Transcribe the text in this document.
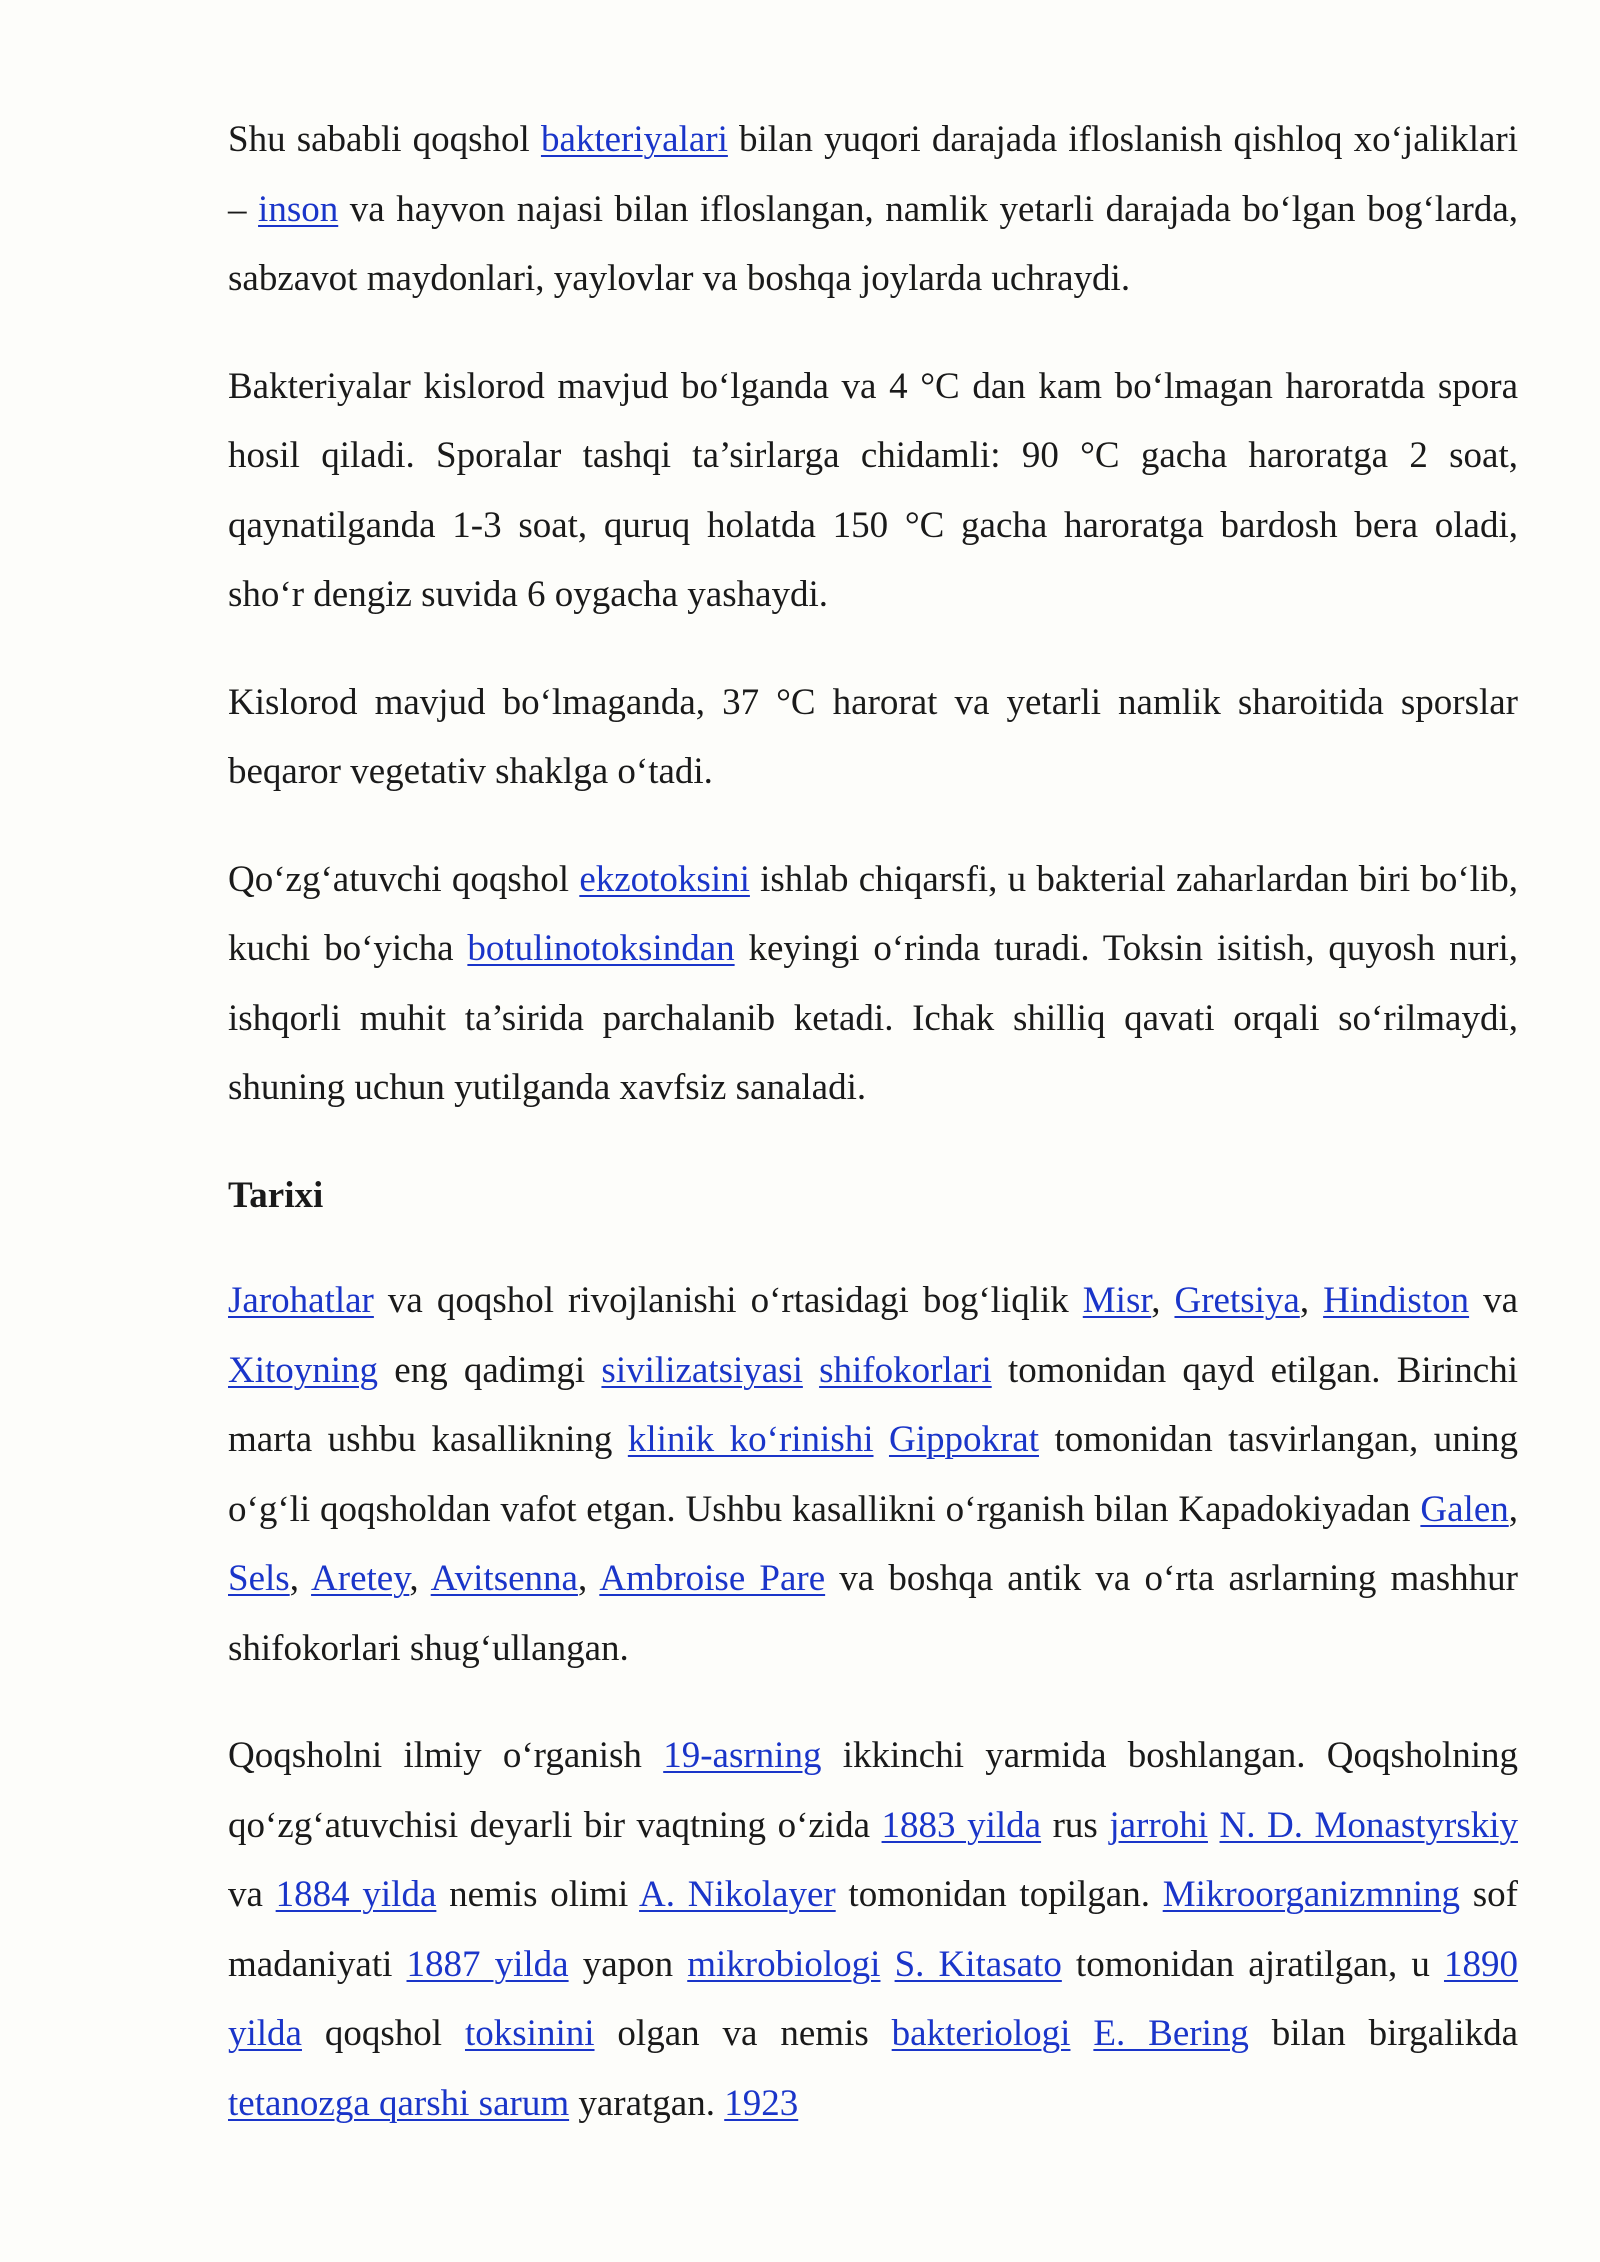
Shu sababli qoqshol bakteriyalari bilan yuqori darajada ifloslanish qishloq xo‘jaliklari – inson va hayvon najasi bilan ifloslangan, namlik yetarli darajada bo‘lgan bog‘larda, sabzavot maydonlari, yaylovlar va boshqa joylarda uchraydi.

Bakteriyalar kislorod mavjud bo‘lganda va 4 °C dan kam bo‘lmagan haroratda spora hosil qiladi. Sporalar tashqi ta’sirlarga chidamli: 90 °C gacha haroratga 2 soat, qaynatilganda 1-3 soat, quruq holatda 150 °C gacha haroratga bardosh bera oladi, sho‘r dengiz suvida 6 oygacha yashaydi.

Kislorod mavjud bo‘lmaganda, 37 °C harorat va yetarli namlik sharoitida sporslar beqaror vegetativ shaklga o‘tadi.

Qo‘zg‘atuvchi qoqshol ekzotoksini ishlab chiqarsfi, u bakterial zaharlardan biri bo‘lib, kuchi bo‘yicha botulinotoksindan keyingi o‘rinda turadi. Toksin isitish, quyosh nuri, ishqorli muhit ta’sirida parchalanib ketadi. Ichak shilliq qavati orqali so‘rilmaydi, shuning uchun yutilganda xavfsiz sanaladi.

Tarixi

Jarohatlar va qoqshol rivojlanishi o‘rtasidagi bog‘liqlik Misr, Gretsiya, Hindiston va Xitoyning eng qadimgi sivilizatsiyasi shifokorlari tomonidan qayd etilgan. Birinchi marta ushbu kasallikning klinik ko‘rinishi Gippokrat tomonidan tasvirlangan, uning o‘g‘li qoqsholdan vafot etgan. Ushbu kasallikni o‘rganish bilan Kapadokiyadan Galen, Sels, Aretey, Avitsenna, Ambroise Pare va boshqa antik va o‘rta asrlarning mashhur shifokorlari shug‘ullangan.

Qoqsholni ilmiy o‘rganish 19-asrning ikkinchi yarmida boshlangan. Qoqsholning qo‘zg‘atuvchisi deyarli bir vaqtning o‘zida 1883 yilda rus jarrohi N. D. Monastyrskiy va 1884 yilda nemis olimi A. Nikolayer tomonidan topilgan. Mikroorganizmning sof madaniyati 1887 yilda yapon mikrobiologi S. Kitasato tomonidan ajratilgan, u 1890 yilda qoqshol toksinini olgan va nemis bakteriologi E. Bering bilan birgalikda tetanozga qarshi sarum yaratgan. 1923
